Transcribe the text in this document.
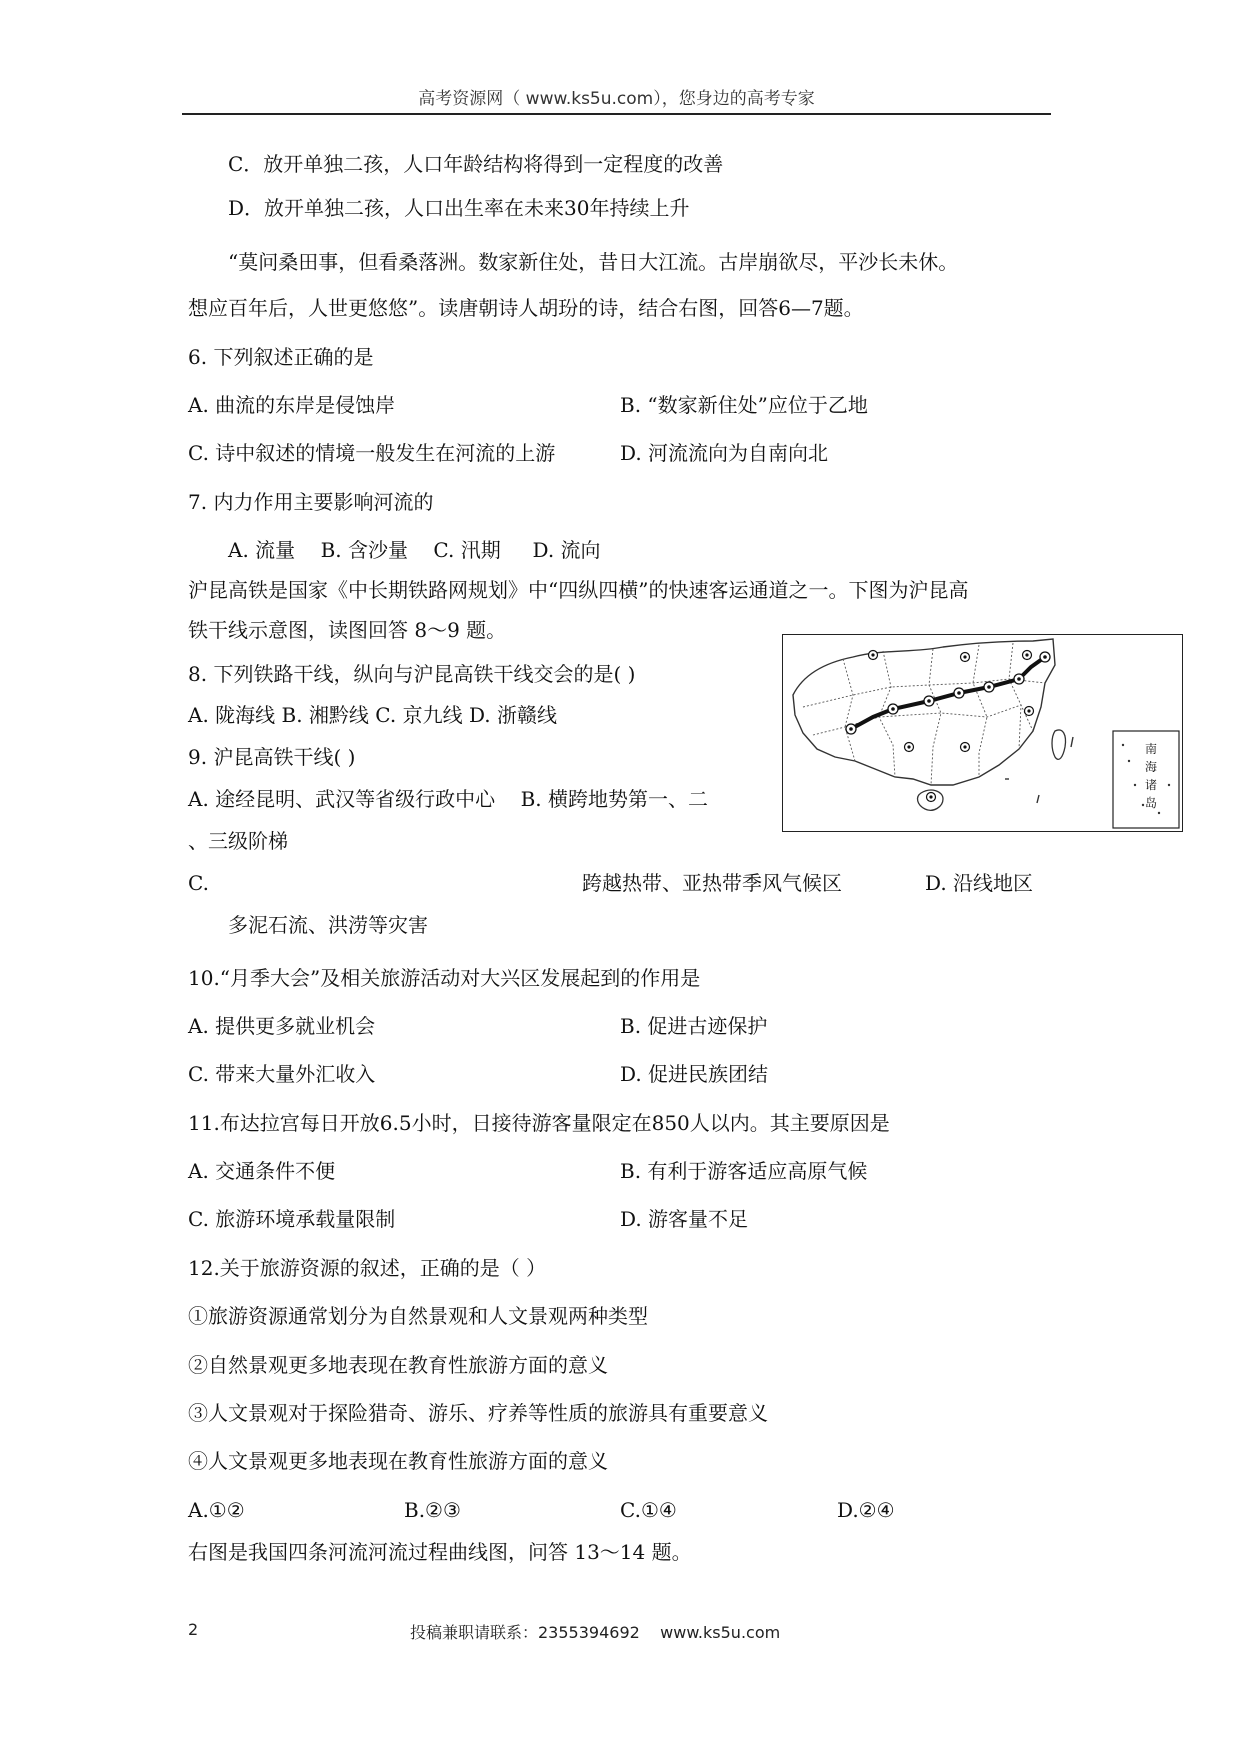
高考资源网（ www.ks5u.com），您身边的高考专家
C．放开单独二孩，人口年龄结构将得到一定程度的改善
D．放开单独二孩，人口出生率在未来30年持续上升
“莫问桑田事，但看桑落洲。数家新住处，昔日大江流。古岸崩欲尽，平沙长未休。
想应百年后，人世更悠悠”。读唐朝诗人胡玢的诗，结合右图，回答6—7题。
6. 下列叙述正确的是
A. 曲流的东岸是侵蚀岸	B. “数家新住处”应位于乙地
C. 诗中叙述的情境一般发生在河流的上游	D. 河流流向为自南向北
7. 内力作用主要影响河流的
A. 流量    B. 含沙量    C. 汛期     D. 流向
沪昆高铁是国家《中长期铁路网规划》中“四纵四横”的快速客运通道之一。下图为沪昆高
铁干线示意图，读图回答 8～9 题。
8. 下列铁路干线，纵向与沪昆高铁干线交会的是( )
A. 陇海线 B. 湘黔线 C. 京九线 D. 浙赣线
9. 沪昆高铁干线( )
A. 途经昆明、武汉等省级行政中心    B. 横跨地势第一、二
、三级阶梯
C.	跨越热带、亚热带季风气候区	D. 沿线地区
多泥石流、洪涝等灾害
南
海
诸
岛
10.“月季大会”及相关旅游活动对大兴区发展起到的作用是
A. 提供更多就业机会	B. 促进古迹保护
C. 带来大量外汇收入	D. 促进民族团结
11.布达拉宫每日开放6.5小时，日接待游客量限定在850人以内。其主要原因是
A. 交通条件不便	B. 有利于游客适应高原气候
C. 旅游环境承载量限制	D. 游客量不足
12.关于旅游资源的叙述，正确的是（ ）
①旅游资源通常划分为自然景观和人文景观两种类型
②自然景观更多地表现在教育性旅游方面的意义
③人文景观对于探险猎奇、游乐、疗养等性质的旅游具有重要意义
④人文景观更多地表现在教育性旅游方面的意义
A.①②	B.②③	C.①④	D.②④
右图是我国四条河流河流过程曲线图，问答 13～14 题。
2	投稿兼职请联系：2355394692    www.ks5u.com
